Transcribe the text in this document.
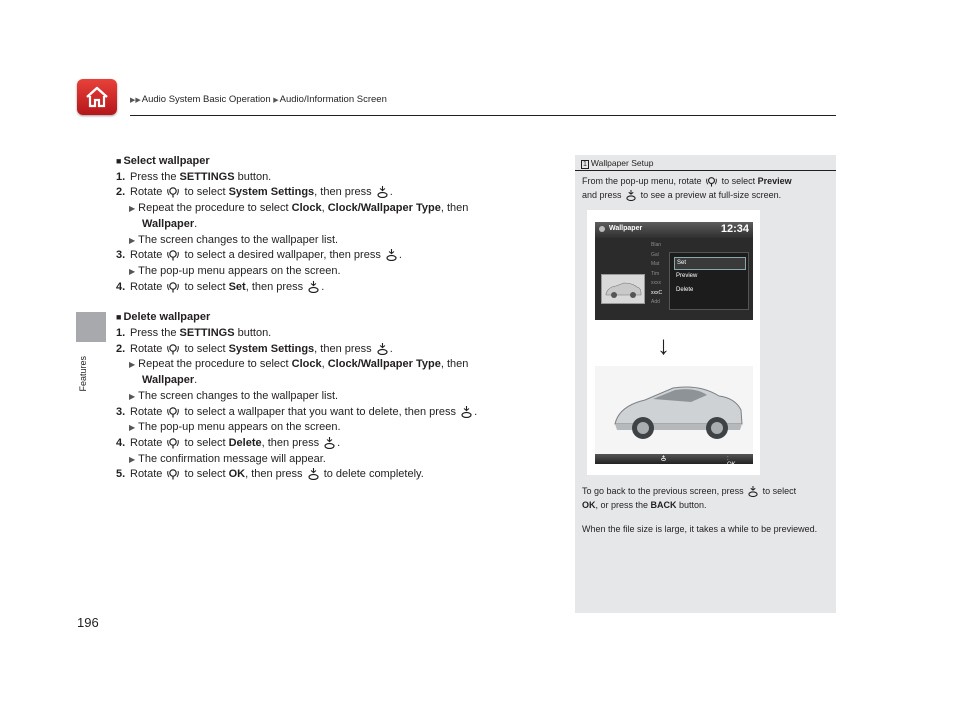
▶▶Audio System Basic Operation ▶Audio/Information Screen
Features
196

■ Select wallpaper

1. Press the SETTINGS button.

2. Rotate to select System Settings, then press .

▶ Repeat the procedure to select Clock, Clock/Wallpaper Type, then

Wallpaper.

▶ The screen changes to the wallpaper list.

3. Rotate to select a desired wallpaper, then press .

▶ The pop-up menu appears on the screen.

4. Rotate to select Set, then press .

■ Delete wallpaper

1. Press the SETTINGS button.

2. Rotate to select System Settings, then press .

▶ Repeat the procedure to select Clock, Clock/Wallpaper Type, then

Wallpaper.

▶ The screen changes to the wallpaper list.

3. Rotate to select a wallpaper that you want to delete, then press .

▶ The pop-up menu appears on the screen.

4. Rotate to select Delete, then press .

▶ The confirmation message will appear.

5. Rotate to select OK, then press to delete completely.

1 Wallpaper Setup
From the pop-up menu, rotate to select Preview
and press to see a preview at full-size screen.
Wallpaper	12:34
Blan
Gal
Mat
Tim
xxxx
xxxC
Add
Set
Preview
Delete
↓
: OK
To go back to the previous screen, press to select
OK, or press the BACK button.
When the file size is large, it takes a while to be previewed.
